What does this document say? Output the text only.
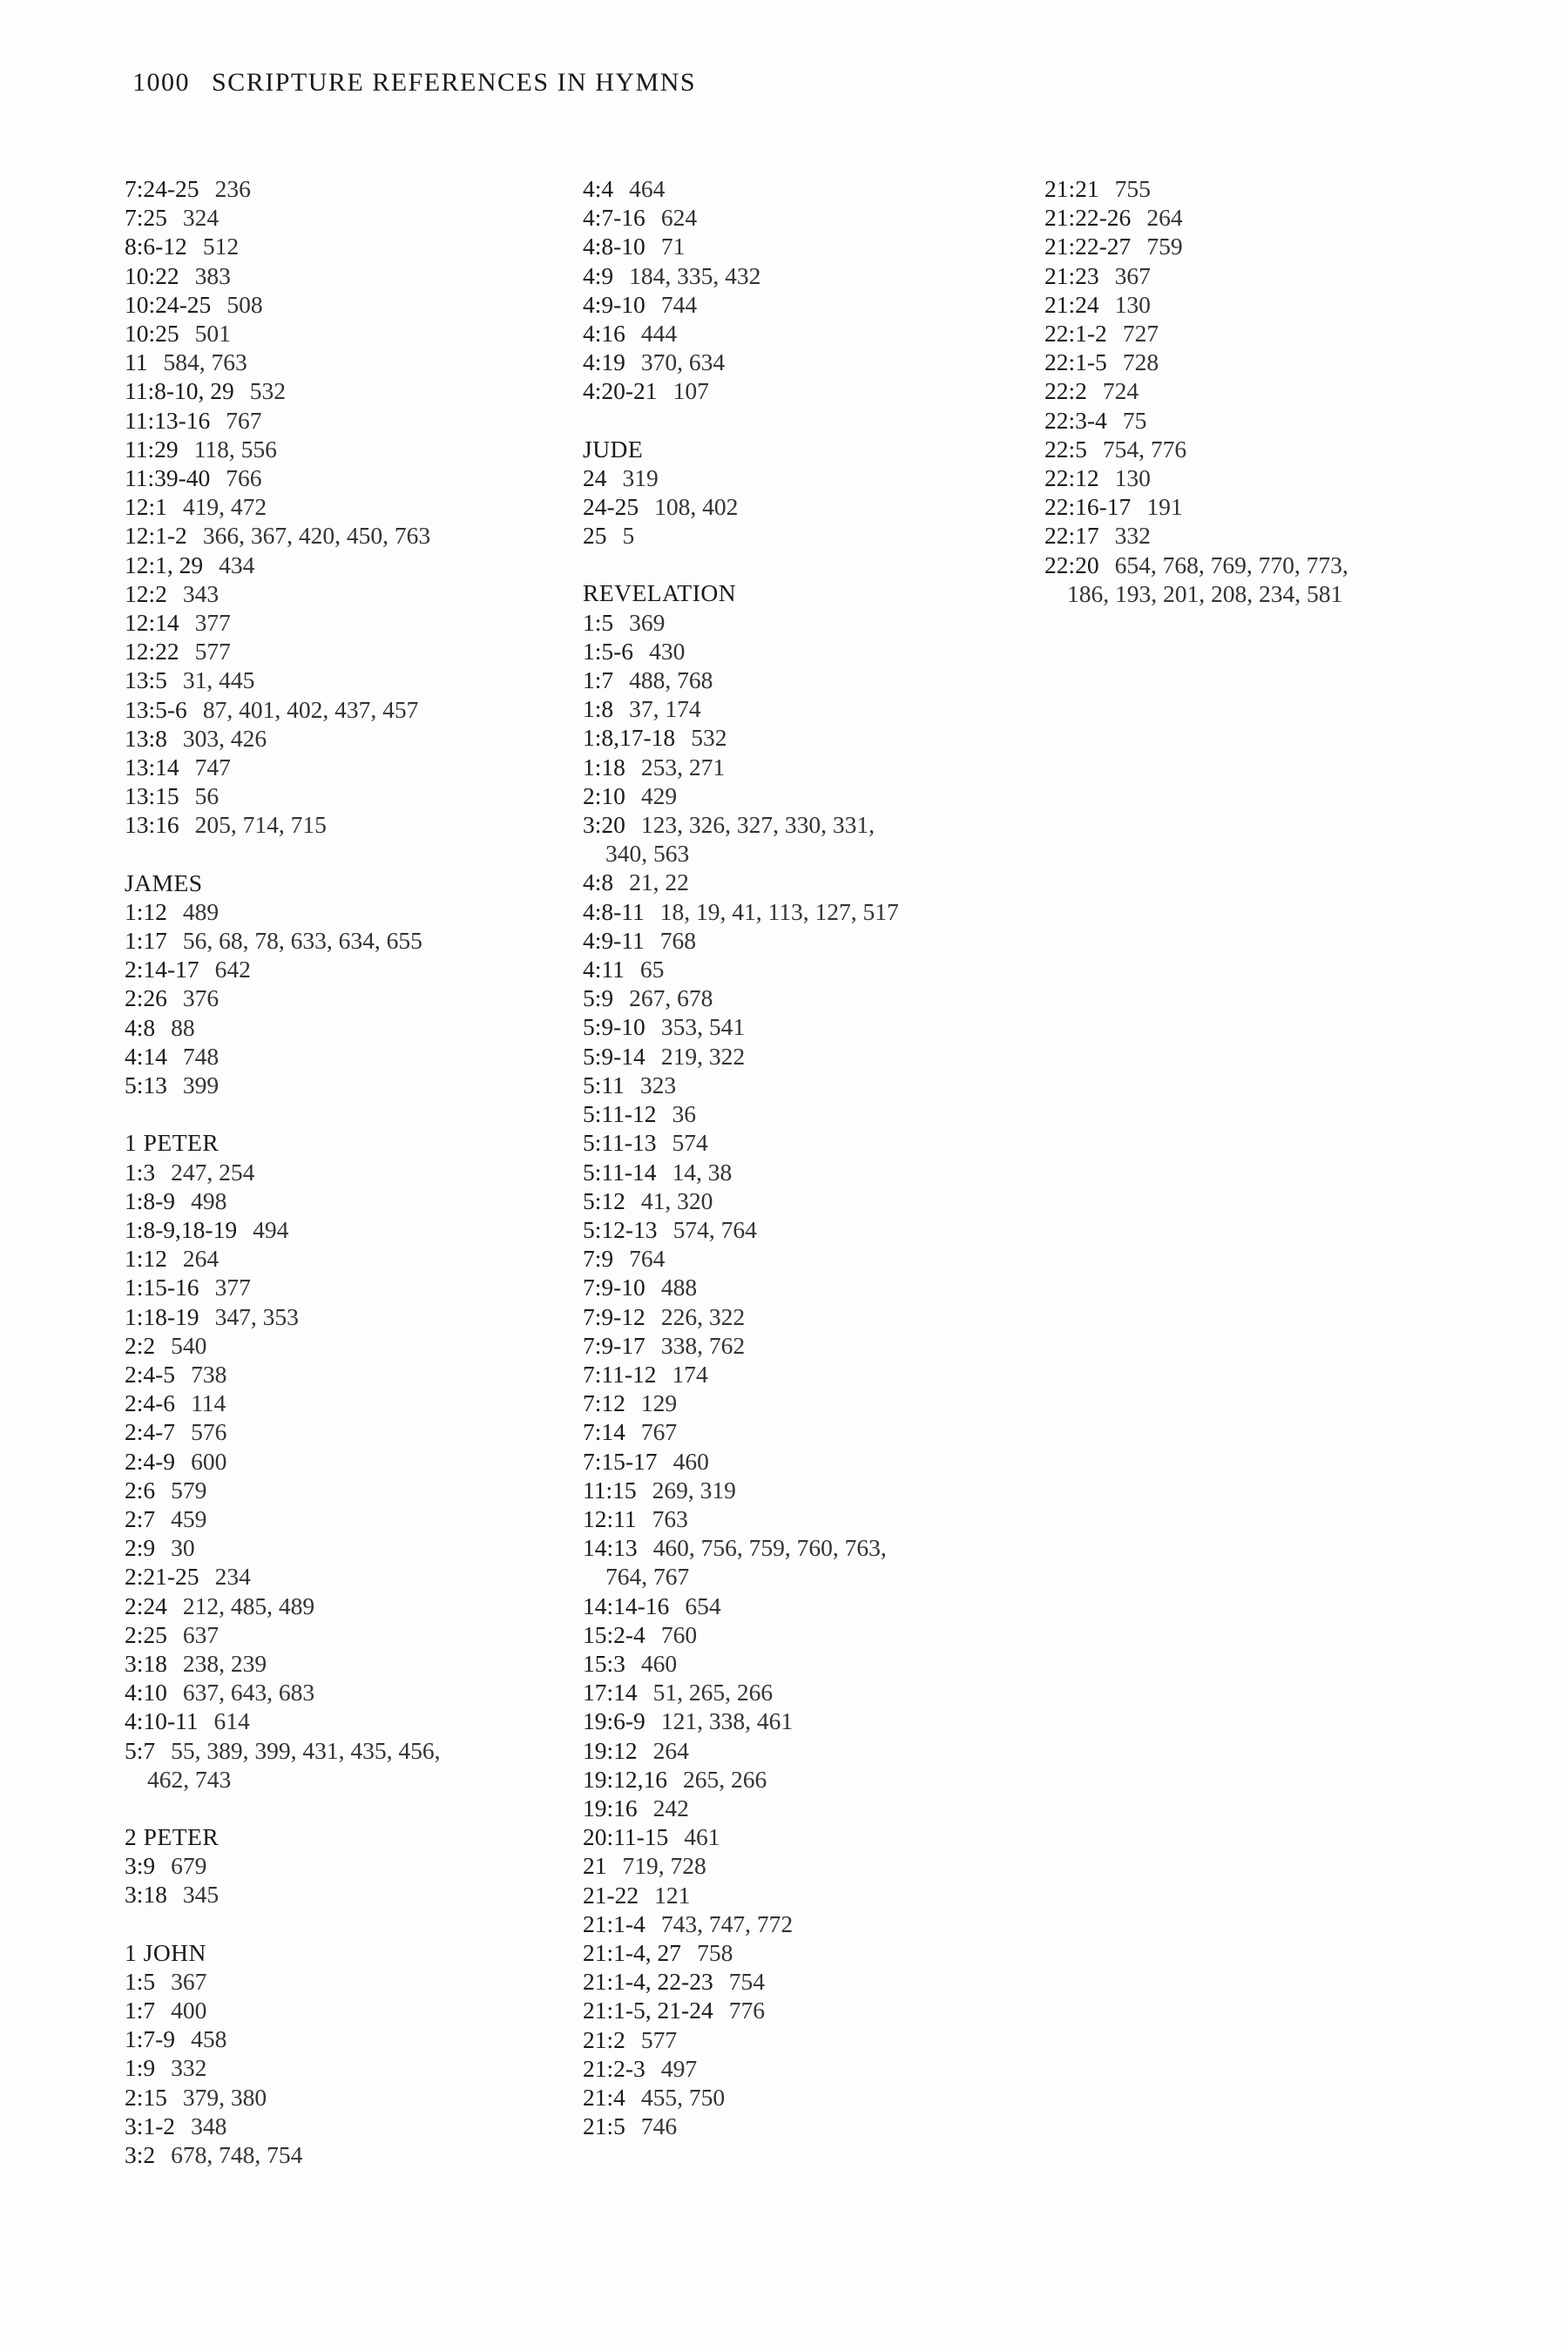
1000 SCRIPTURE REFERENCES IN HYMNS
7:24-25 236
7:25 324
8:6-12 512
10:22 383
10:24-25 508
10:25 501
11 584, 763
11:8-10, 29 532
11:13-16 767
11:29 118, 556
11:39-40 766
12:1 419, 472
12:1-2 366, 367, 420, 450, 763
12:1, 29 434
12:2 343
12:14 377
12:22 577
13:5 31, 445
13:5-6 87, 401, 402, 437, 457
13:8 303, 426
13:14 747
13:15 56
13:16 205, 714, 715
JAMES
1:12 489
1:17 56, 68, 78, 633, 634, 655
2:14-17 642
2:26 376
4:8 88
4:14 748
5:13 399
1 PETER
1:3 247, 254
1:8-9 498
1:8-9,18-19 494
1:12 264
1:15-16 377
1:18-19 347, 353
2:2 540
2:4-5 738
2:4-6 114
2:4-7 576
2:4-9 600
2:6 579
2:7 459
2:9 30
2:21-25 234
2:24 212, 485, 489
2:25 637
3:18 238, 239
4:10 637, 643, 683
4:10-11 614
5:7 55, 389, 399, 431, 435, 456,
462, 743
2 PETER
3:9 679
3:18 345
1 JOHN
1:5 367
1:7 400
1:7-9 458
1:9 332
2:15 379, 380
3:1-2 348
3:2 678, 748, 754
4:4 464
4:7-16 624
4:8-10 71
4:9 184, 335, 432
4:9-10 744
4:16 444
4:19 370, 634
4:20-21 107
JUDE
24 319
24-25 108, 402
25 5
REVELATION
1:5 369
1:5-6 430
1:7 488, 768
1:8 37, 174
1:8,17-18 532
1:18 253, 271
2:10 429
3:20 123, 326, 327, 330, 331,
340, 563
4:8 21, 22
4:8-11 18, 19, 41, 113, 127, 517
4:9-11 768
4:11 65
5:9 267, 678
5:9-10 353, 541
5:9-14 219, 322
5:11 323
5:11-12 36
5:11-13 574
5:11-14 14, 38
5:12 41, 320
5:12-13 574, 764
7:9 764
7:9-10 488
7:9-12 226, 322
7:9-17 338, 762
7:11-12 174
7:12 129
7:14 767
7:15-17 460
11:15 269, 319
12:11 763
14:13 460, 756, 759, 760, 763,
764, 767
14:14-16 654
15:2-4 760
15:3 460
17:14 51, 265, 266
19:6-9 121, 338, 461
19:12 264
19:12,16 265, 266
19:16 242
20:11-15 461
21 719, 728
21-22 121
21:1-4 743, 747, 772
21:1-4, 27 758
21:1-4, 22-23 754
21:1-5, 21-24 776
21:2 577
21:2-3 497
21:4 455, 750
21:5 746
21:21 755
21:22-26 264
21:22-27 759
21:23 367
21:24 130
22:1-2 727
22:1-5 728
22:2 724
22:3-4 75
22:5 754, 776
22:12 130
22:16-17 191
22:17 332
22:20 654, 768, 769, 770, 773,
186, 193, 201, 208, 234, 581
